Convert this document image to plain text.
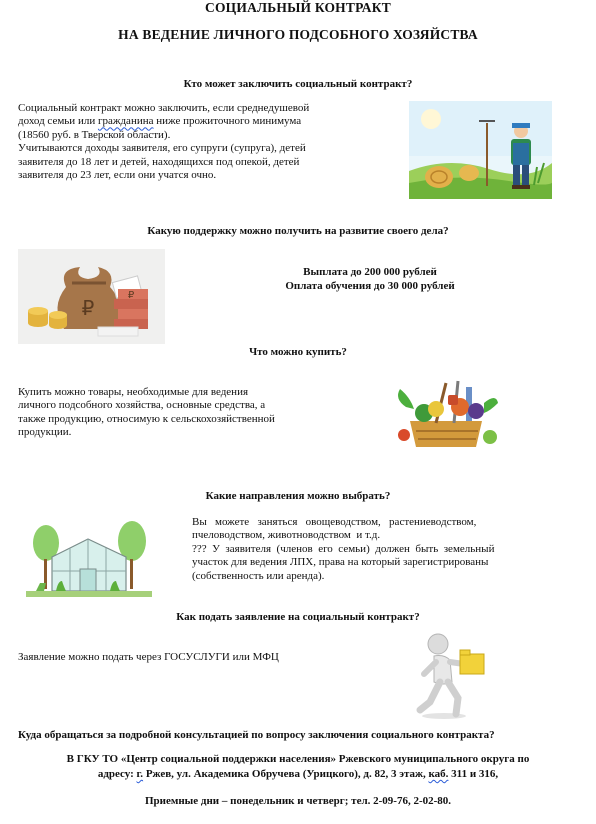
СОЦИАЛЬНЫЙ КОНТРАКТ
НА ВЕДЕНИЕ ЛИЧНОГО ПОДСОБНОГО ХОЗЯЙСТВА
Кто может заключить социальный контракт?
Социальный контракт можно заключить, если среднедушевой
доход семьи или гражданина ниже прожиточного минимума
(18560 руб. в Тверской области).
Учитываются доходы заявителя, его супруги (супруга), детей
заявителя до 18 лет и детей, находящихся под опекой, детей
заявителя до 23 лет, если они учатся очно.
Какую поддержку можно получить на развитие своего дела?
₽
₽
Выплата до 200 000 рублей
Оплата обучения до 30 000 рублей
Что можно купить?
Купить можно товары, необходимые для ведения
личного подсобного хозяйства, основные средства, а
также продукцию, относимую к сельскохозяйственной
продукции.
Какие направления можно выбрать?
Вы   можете   заняться   овощеводством,   растениеводством,
пчеловодством, животноводством  и т.д.
???  У  заявителя  (членов  его  семьи)  должен  быть  земельный
участок для ведения ЛПХ, права на который зарегистрированы
(собственность или аренда).
Как подать заявление на социальный контракт?
Заявление можно подать через ГОСУСЛУГИ или МФЦ
Куда обращаться за подробной консультацией по вопросу заключения социального контракта?
В ГКУ ТО «Центр социальной поддержки населения» Ржевского муниципального округа по
адресу: г. Ржев, ул. Академика Обручева (Урицкого), д. 82, 3 этаж, каб. 311 и 316,
Приемные дни – понедельник и четверг; тел. 2-09-76, 2-02-80.
